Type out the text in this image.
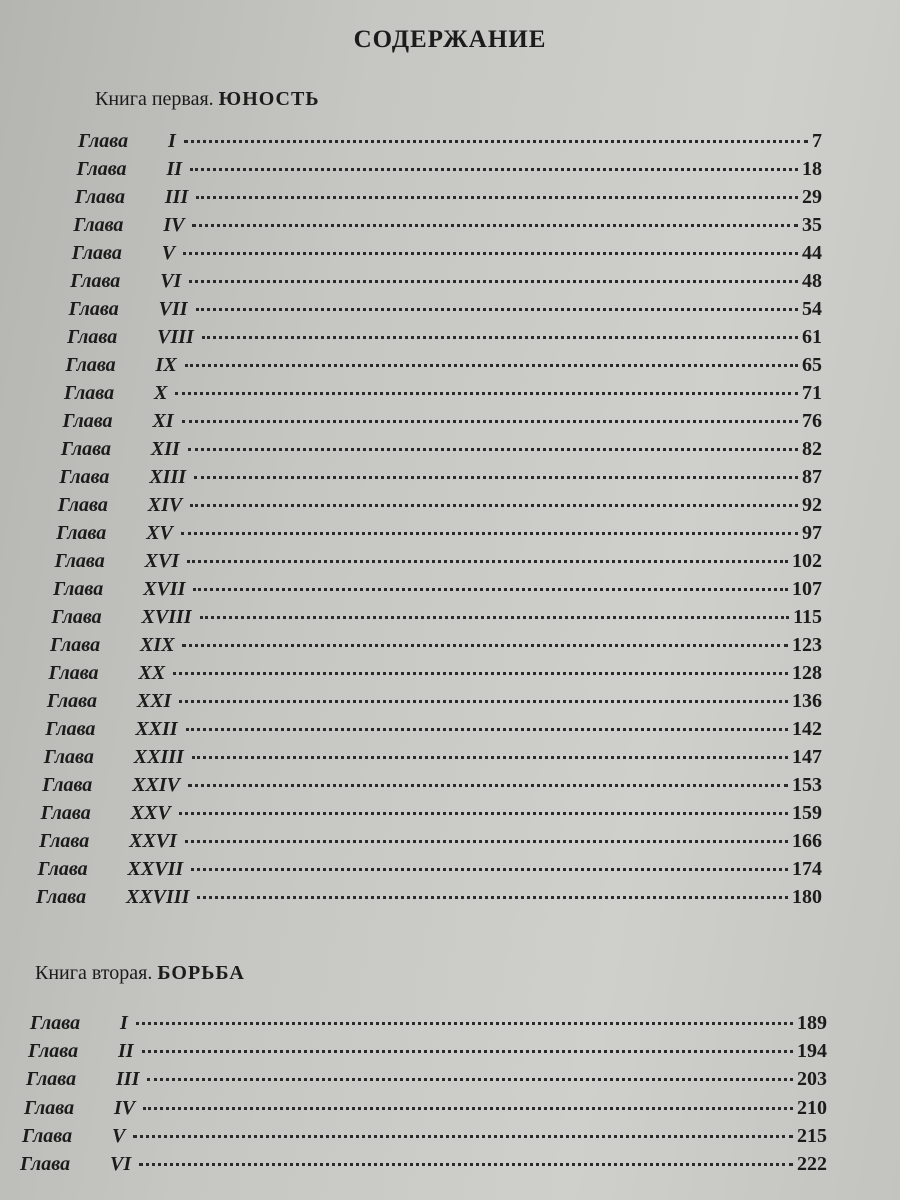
СОДЕРЖАНИЕ
Книга первая. ЮНОСТЬ
Глава	I	7
Глава	II	18
Глава	III	29
Глава	IV	35
Глава	V	44
Глава	VI	48
Глава	VII	54
Глава	VIII	61
Глава	IX	65
Глава	X	71
Глава	XI	76
Глава	XII	82
Глава	XIII	87
Глава	XIV	92
Глава	XV	97
Глава	XVI	102
Глава	XVII	107
Глава	XVIII	115
Глава	XIX	123
Глава	XX	128
Глава	XXI	136
Глава	XXII	142
Глава	XXIII	147
Глава	XXIV	153
Глава	XXV	159
Глава	XXVI	166
Глава	XXVII	174
Глава	XXVIII	180
Книга вторая. БОРЬБА
Глава	I	189
Глава	II	194
Глава	III	203
Глава	IV	210
Глава	V	215
Глава	VI	222
